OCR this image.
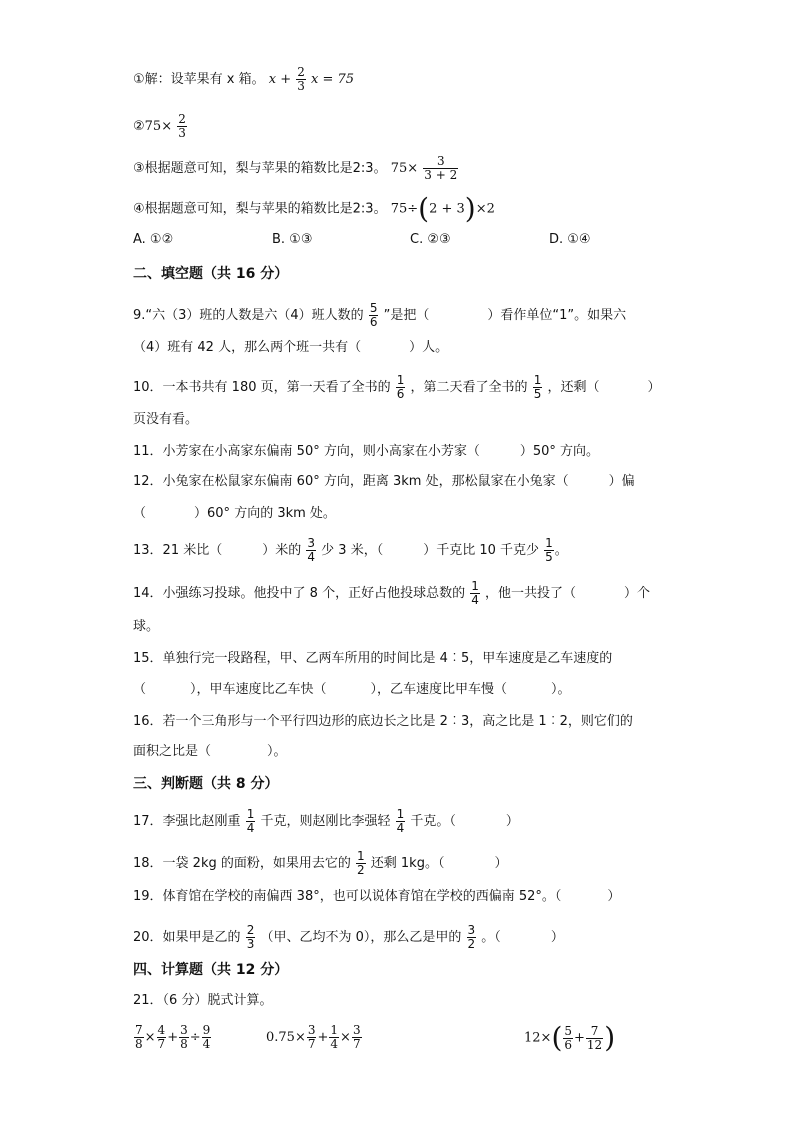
①解：设苹果有 x 箱。 $x + \frac{2}{3}$ x = 75
②75× $\frac{2}{3}$
③根据题意可知，梨与苹果的箱数比是2:3。 $75\times \frac{3}{3 + 2}$
④根据题意可知，梨与苹果的箱数比是2:3。 75÷(2 + 3)×2
A. ①②	B. ①③	C. ②③	D. ①④
二、填空题（共 16 分）
9.“六（3）班的人数是六（4）班人数的 $\frac{5}{6}$ ”是把（	）看作单位“1”。如果六
（4）班有 42 人，那么两个班一共有（	）人。
10．一本书共有 180 页，第一天看了全书的 $\frac{1}{6}$ ，第二天看了全书的 $\frac{1}{5}$ ，还剩（	）
页没有看。
11．小芳家在小高家东偏南 50° 方向，则小高家在小芳家（	）50° 方向。
12．小兔家在松鼠家东偏南 60° 方向，距离 3km 处，那松鼠家在小兔家（	）偏
（	）60° 方向的 3km 处。
13．21 米比（	）米的 $\frac{3}{4}$ 少 3 米，（	）千克比 10 千克少 $\frac{1}{5}$ 。
14．小强练习投球。他投中了 8 个，正好占他投球总数的 $\frac{1}{4}$ ，他一共投了（	）个
球。
15．单独行完一段路程，甲、乙两车所用的时间比是 4︰5，甲车速度是乙车速度的
（	），甲车速度比乙车快（	），乙车速度比甲车慢（	）。
16．若一个三角形与一个平行四边形的底边长之比是 2︰3，高之比是 1︰2，则它们的
面积之比是（	）。
三、判断题（共 8 分）
17．李强比赵刚重 $\frac{1}{4}$ 千克，则赵刚比李强轻 $\frac{1}{4}$ 千克。（	）
18．一袋 2kg 的面粉，如果用去它的 $\frac{1}{2}$ 还剩 1kg。（	）
19．体育馆在学校的南偏西 38°，也可以说体育馆在学校的西偏南 52°。（	）
20．如果甲是乙的 $\frac{2}{3}$ （甲、乙均不为 0），那么乙是甲的 $\frac{3}{2}$ 。（	）
四、计算题（共 12 分）
21．（6 分）脱式计算。
$\frac{7}{8} \times \frac{4}{7} + \frac{3}{8} \div \frac{9}{4}$	$0.75\times \frac{3}{7} + \frac{1}{4} \times \frac{3}{7}$	$12\times( \frac{5}{6} + \frac{7}{12}$ )
